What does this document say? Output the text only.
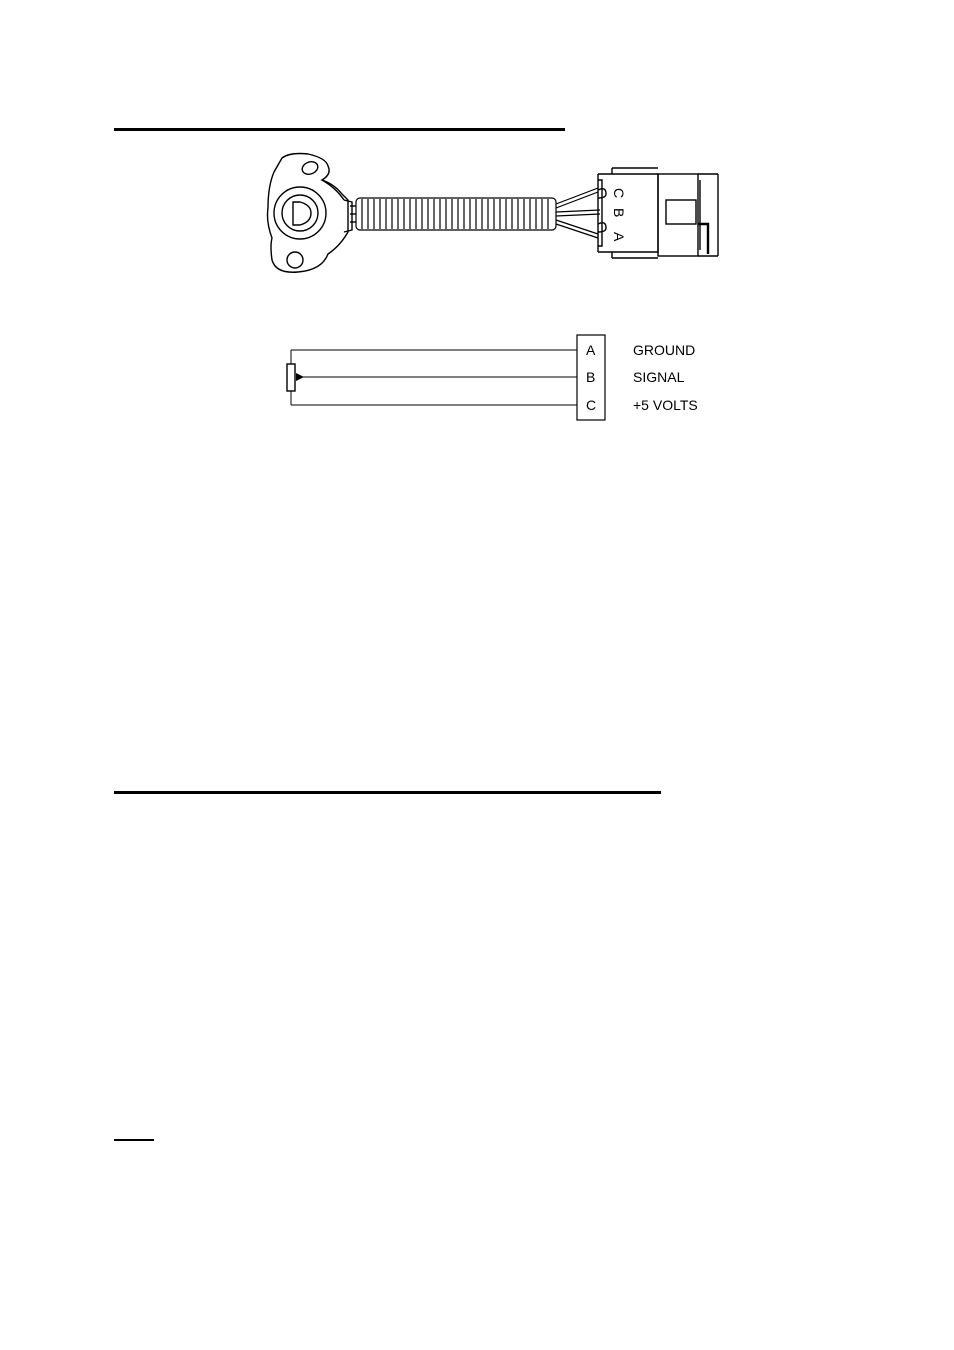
C
B
A
A
B
C
GROUND
SIGNAL
+5 VOLTS
